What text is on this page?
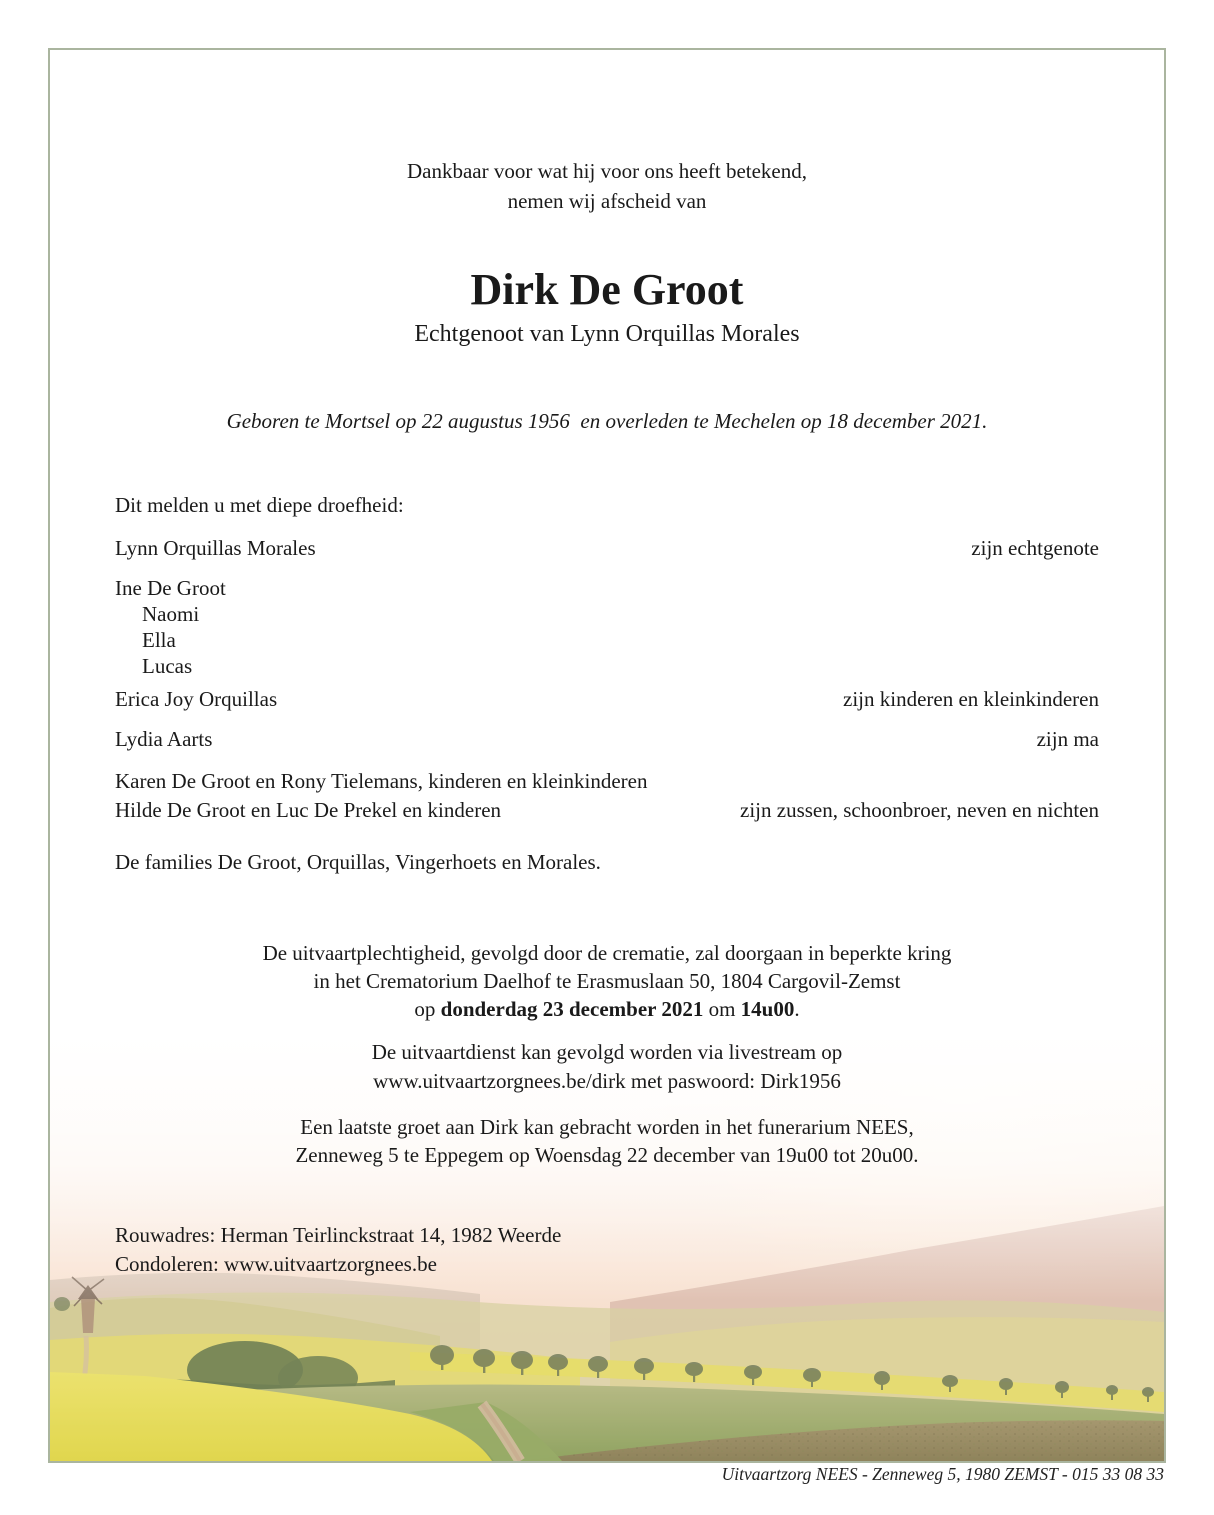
Dankbaar voor wat hij voor ons heeft betekend,
nemen wij afscheid van
Dirk De Groot
Echtgenoot van Lynn Orquillas Morales
Geboren te Mortsel op 22 augustus 1956  en overleden te Mechelen op 18 december 2021.
Dit melden u met diepe droefheid:
Lynn Orquillas Morales	zijn echtgenote
Ine De Groot
Naomi
Ella
Lucas
Erica Joy Orquillas	zijn kinderen en kleinkinderen
Lydia Aarts	zijn ma
Karen De Groot en Rony Tielemans, kinderen en kleinkinderen
Hilde De Groot en Luc De Prekel en kinderen	zijn zussen, schoonbroer, neven en nichten
De families De Groot, Orquillas, Vingerhoets en Morales.
De uitvaartplechtigheid, gevolgd door de crematie, zal doorgaan in beperkte kring
in het Crematorium Daelhof te Erasmuslaan 50, 1804 Cargovil-Zemst
op donderdag 23 december 2021 om 14u00.
De uitvaartdienst kan gevolgd worden via livestream op
www.uitvaartzorgnees.be/dirk met paswoord: Dirk1956
Een laatste groet aan Dirk kan gebracht worden in het funerarium NEES,
Zenneweg 5 te Eppegem op Woensdag 22 december van 19u00 tot 20u00.
Rouwadres: Herman Teirlinckstraat 14, 1982 Weerde
Condoleren: www.uitvaartzorgnees.be
Uitvaartzorg NEES - Zenneweg 5, 1980 ZEMST - 015 33 08 33
